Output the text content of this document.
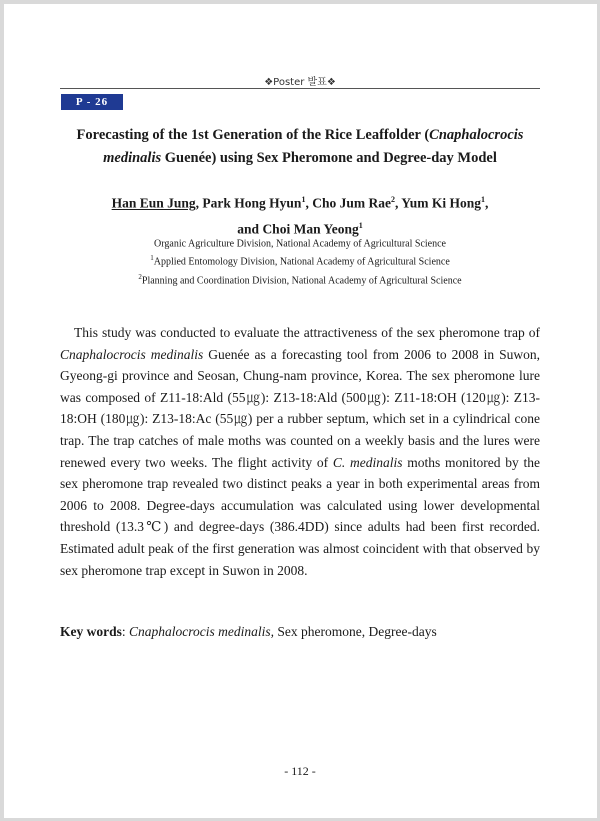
❖Poster 발표❖
P - 26
Forecasting of the 1st Generation of the Rice Leaffolder (Cnaphalocrocis medinalis Guenée) using Sex Pheromone and Degree-day Model
Han Eun Jung, Park Hong Hyun$^1$, Cho Jum Rae$^2$, Yum Ki Hong$^1$,
and Choi Man Yeong$^1$
Organic Agriculture Division, National Academy of Agricultural Science
$^1$Applied Entomology Division, National Academy of Agricultural Science
$^2$Planning and Coordination Division, National Academy of Agricultural Science
This study was conducted to evaluate the attractiveness of the sex pheromone trap of Cnaphalocrocis medinalis Guenée as a forecasting tool from 2006 to 2008 in Suwon, Gyeong-gi province and Seosan, Chung-nam province, Korea. The sex pheromone lure was composed of Z11-18:Ald (55㎍): Z13-18:Ald (500㎍): Z11-18:OH (120㎍): Z13-18:OH (180㎍): Z13-18:Ac (55㎍) per a rubber septum, which set in a cylindrical cone trap. The trap catches of male moths was counted on a weekly basis and the lures were renewed every two weeks. The flight activity of C. medinalis moths monitored by the sex pheromone trap revealed two distinct peaks a year in both experimental areas from 2006 to 2008. Degree-days accumulation was calculated using lower developmental threshold (13.3℃) and degree-days (386.4DD) since adults had been first recorded. Estimated adult peak of the first generation was almost coincident with that observed by sex pheromone trap except in Suwon in 2008.
Key words: Cnaphalocrocis medinalis, Sex pheromone, Degree-days
- 112 -
